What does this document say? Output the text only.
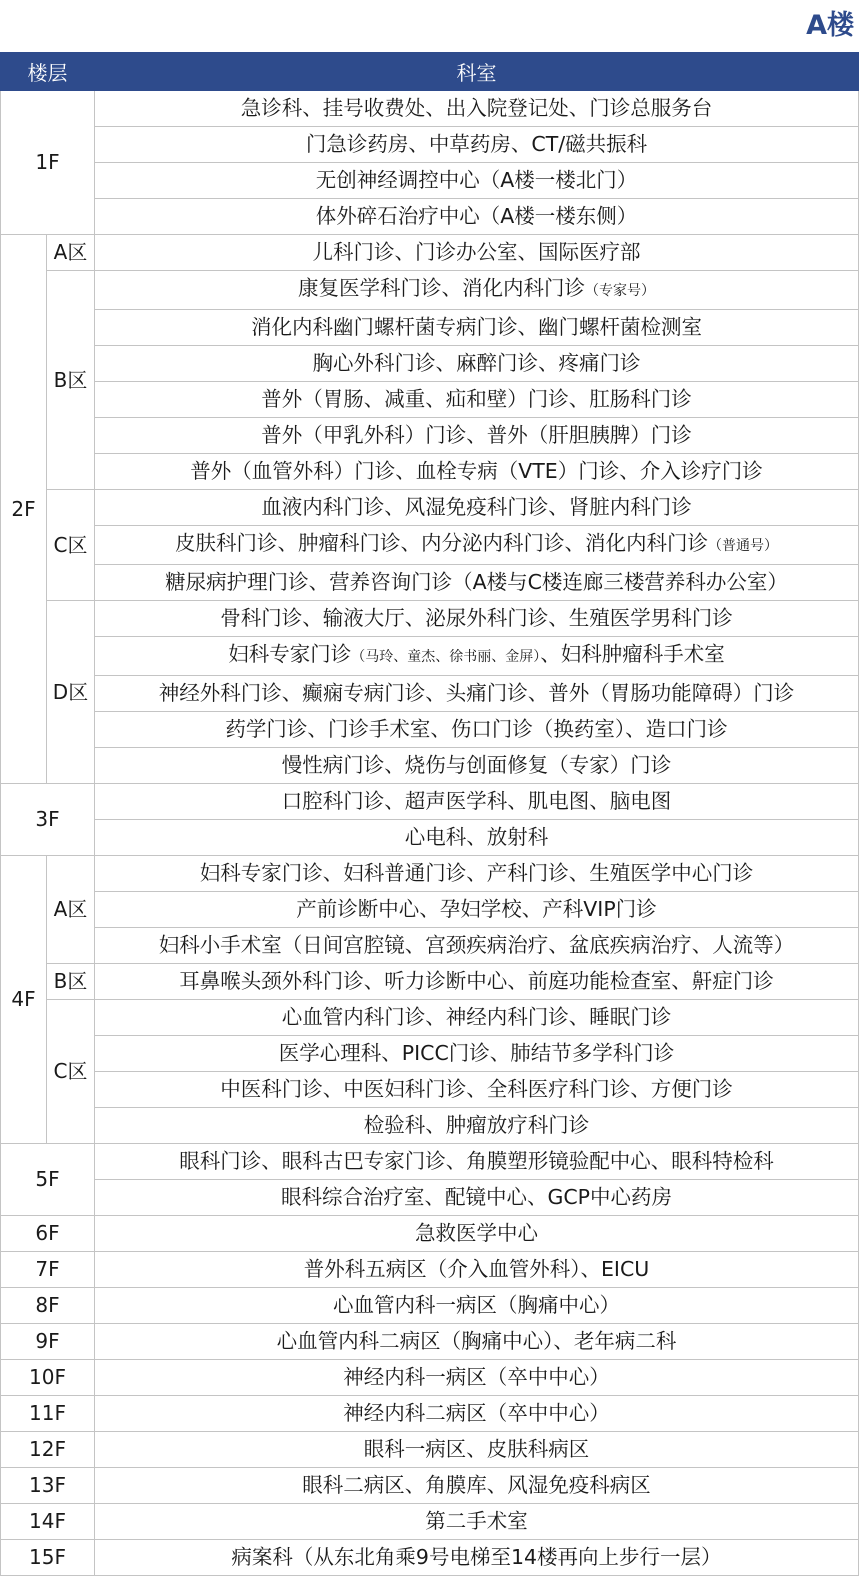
A楼
楼层		科室
1F		急诊科、挂号收费处、出入院登记处、门诊总服务台
		门急诊药房、中草药房、CT/磁共振科
		无创神经调控中心（A楼一楼北门）
		体外碎石治疗中心（A楼一楼东侧）
2F	A区	儿科门诊、门诊办公室、国际医疗部
	B区	康复医学科门诊、消化内科门诊（专家号）
		消化内科幽门螺杆菌专病门诊、幽门螺杆菌检测室
		胸心外科门诊、麻醉门诊、疼痛门诊
		普外（胃肠、减重、疝和壁）门诊、肛肠科门诊
		普外（甲乳外科）门诊、普外（肝胆胰脾）门诊
		普外（血管外科）门诊、血栓专病（VTE）门诊、介入诊疗门诊
	C区	血液内科门诊、风湿免疫科门诊、肾脏内科门诊
		皮肤科门诊、肿瘤科门诊、内分泌内科门诊、消化内科门诊（普通号）
		糖尿病护理门诊、营养咨询门诊（A楼与C楼连廊三楼营养科办公室）
	D区	骨科门诊、输液大厅、泌尿外科门诊、生殖医学男科门诊
		妇科专家门诊（马玲、童杰、徐书丽、金屏）、妇科肿瘤科手术室
		神经外科门诊、癫痫专病门诊、头痛门诊、普外（胃肠功能障碍）门诊
		药学门诊、门诊手术室、伤口门诊（换药室）、造口门诊
		慢性病门诊、烧伤与创面修复（专家）门诊
3F		口腔科门诊、超声医学科、肌电图、脑电图
		心电科、放射科
4F	A区	妇科专家门诊、妇科普通门诊、产科门诊、生殖医学中心门诊
		产前诊断中心、孕妇学校、产科VIP门诊
		妇科小手术室（日间宫腔镜、宫颈疾病治疗、盆底疾病治疗、人流等）
	B区	耳鼻喉头颈外科门诊、听力诊断中心、前庭功能检查室、鼾症门诊
	C区	心血管内科门诊、神经内科门诊、睡眠门诊
		医学心理科、PICC门诊、肺结节多学科门诊
		中医科门诊、中医妇科门诊、全科医疗科门诊、方便门诊
		检验科、肿瘤放疗科门诊
5F		眼科门诊、眼科古巴专家门诊、角膜塑形镜验配中心、眼科特检科
		眼科综合治疗室、配镜中心、GCP中心药房
6F		急救医学中心
7F		普外科五病区（介入血管外科）、EICU
8F		心血管内科一病区（胸痛中心）
9F		心血管内科二病区（胸痛中心）、老年病二科
10F		神经内科一病区（卒中中心）
11F		神经内科二病区（卒中中心）
12F		眼科一病区、皮肤科病区
13F		眼科二病区、角膜库、风湿免疫科病区
14F		第二手术室
15F		病案科（从东北角乘9号电梯至14楼再向上步行一层）
